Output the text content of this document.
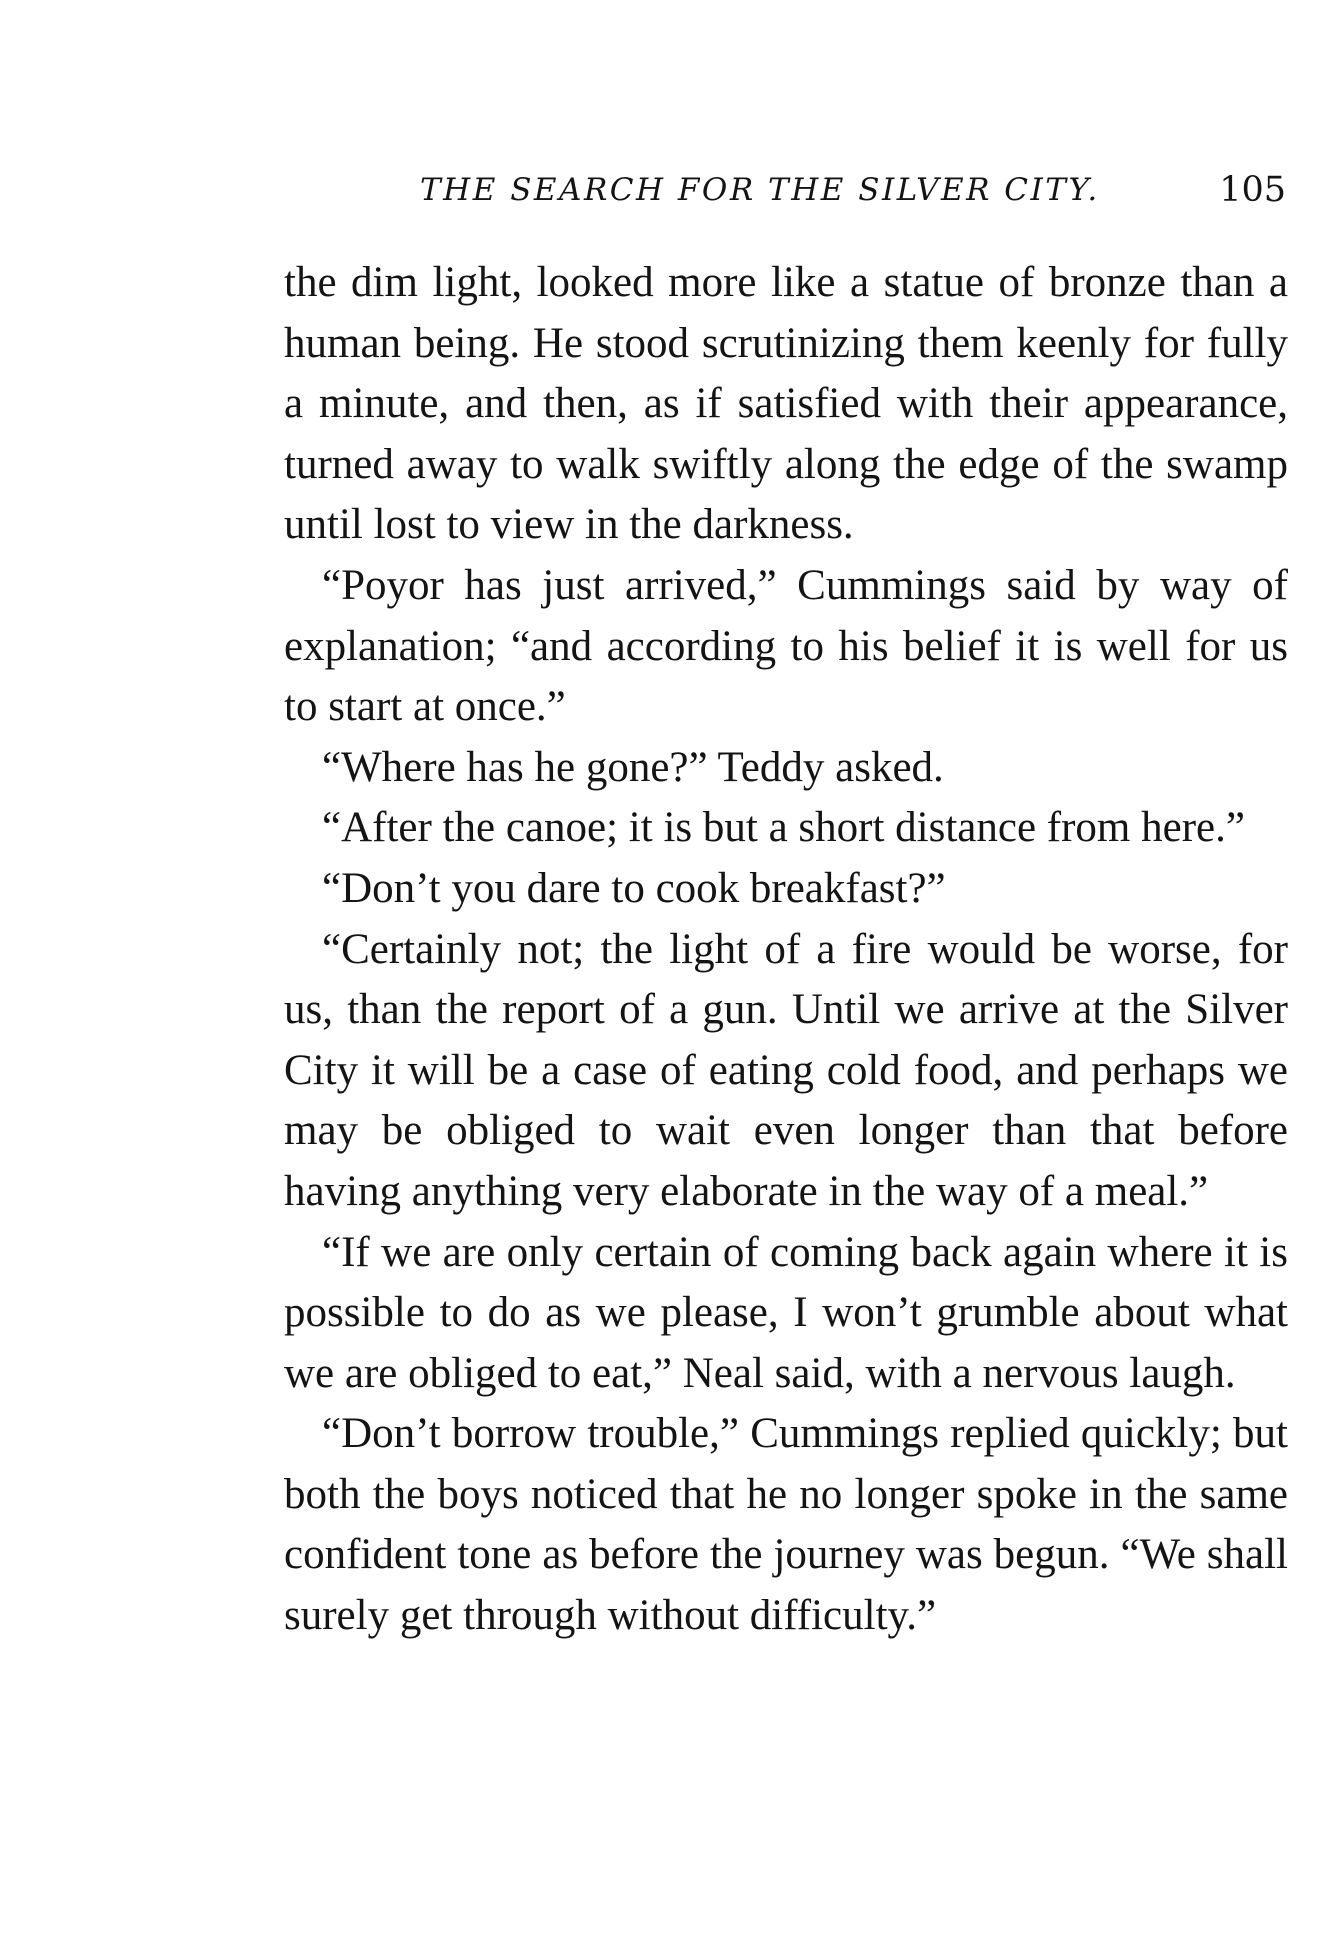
THE SEARCH FOR THE SILVER CITY.	105

the dim light, looked more like a statue of bronze than a human being. He stood scrutinizing them keenly for fully a minute, and then, as if satisfied with their appearance, turned away to walk swiftly along the edge of the swamp until lost to view in the darkness.

“Poyor has just arrived,” Cummings said by way of explanation; “and according to his belief it is well for us to start at once.”

“Where has he gone?” Teddy asked.

“After the canoe; it is but a short distance from here.”

“Don’t you dare to cook breakfast?”

“Certainly not; the light of a fire would be worse, for us, than the report of a gun. Until we arrive at the Silver City it will be a case of eating cold food, and perhaps we may be obliged to wait even longer than that before having anything very elaborate in the way of a meal.”

“If we are only certain of coming back again where it is possible to do as we please, I won’t grumble about what we are obliged to eat,” Neal said, with a nervous laugh.

“Don’t borrow trouble,” Cummings replied quickly; but both the boys noticed that he no longer spoke in the same confident tone as before the journey was begun. “We shall surely get through without difficulty.”
